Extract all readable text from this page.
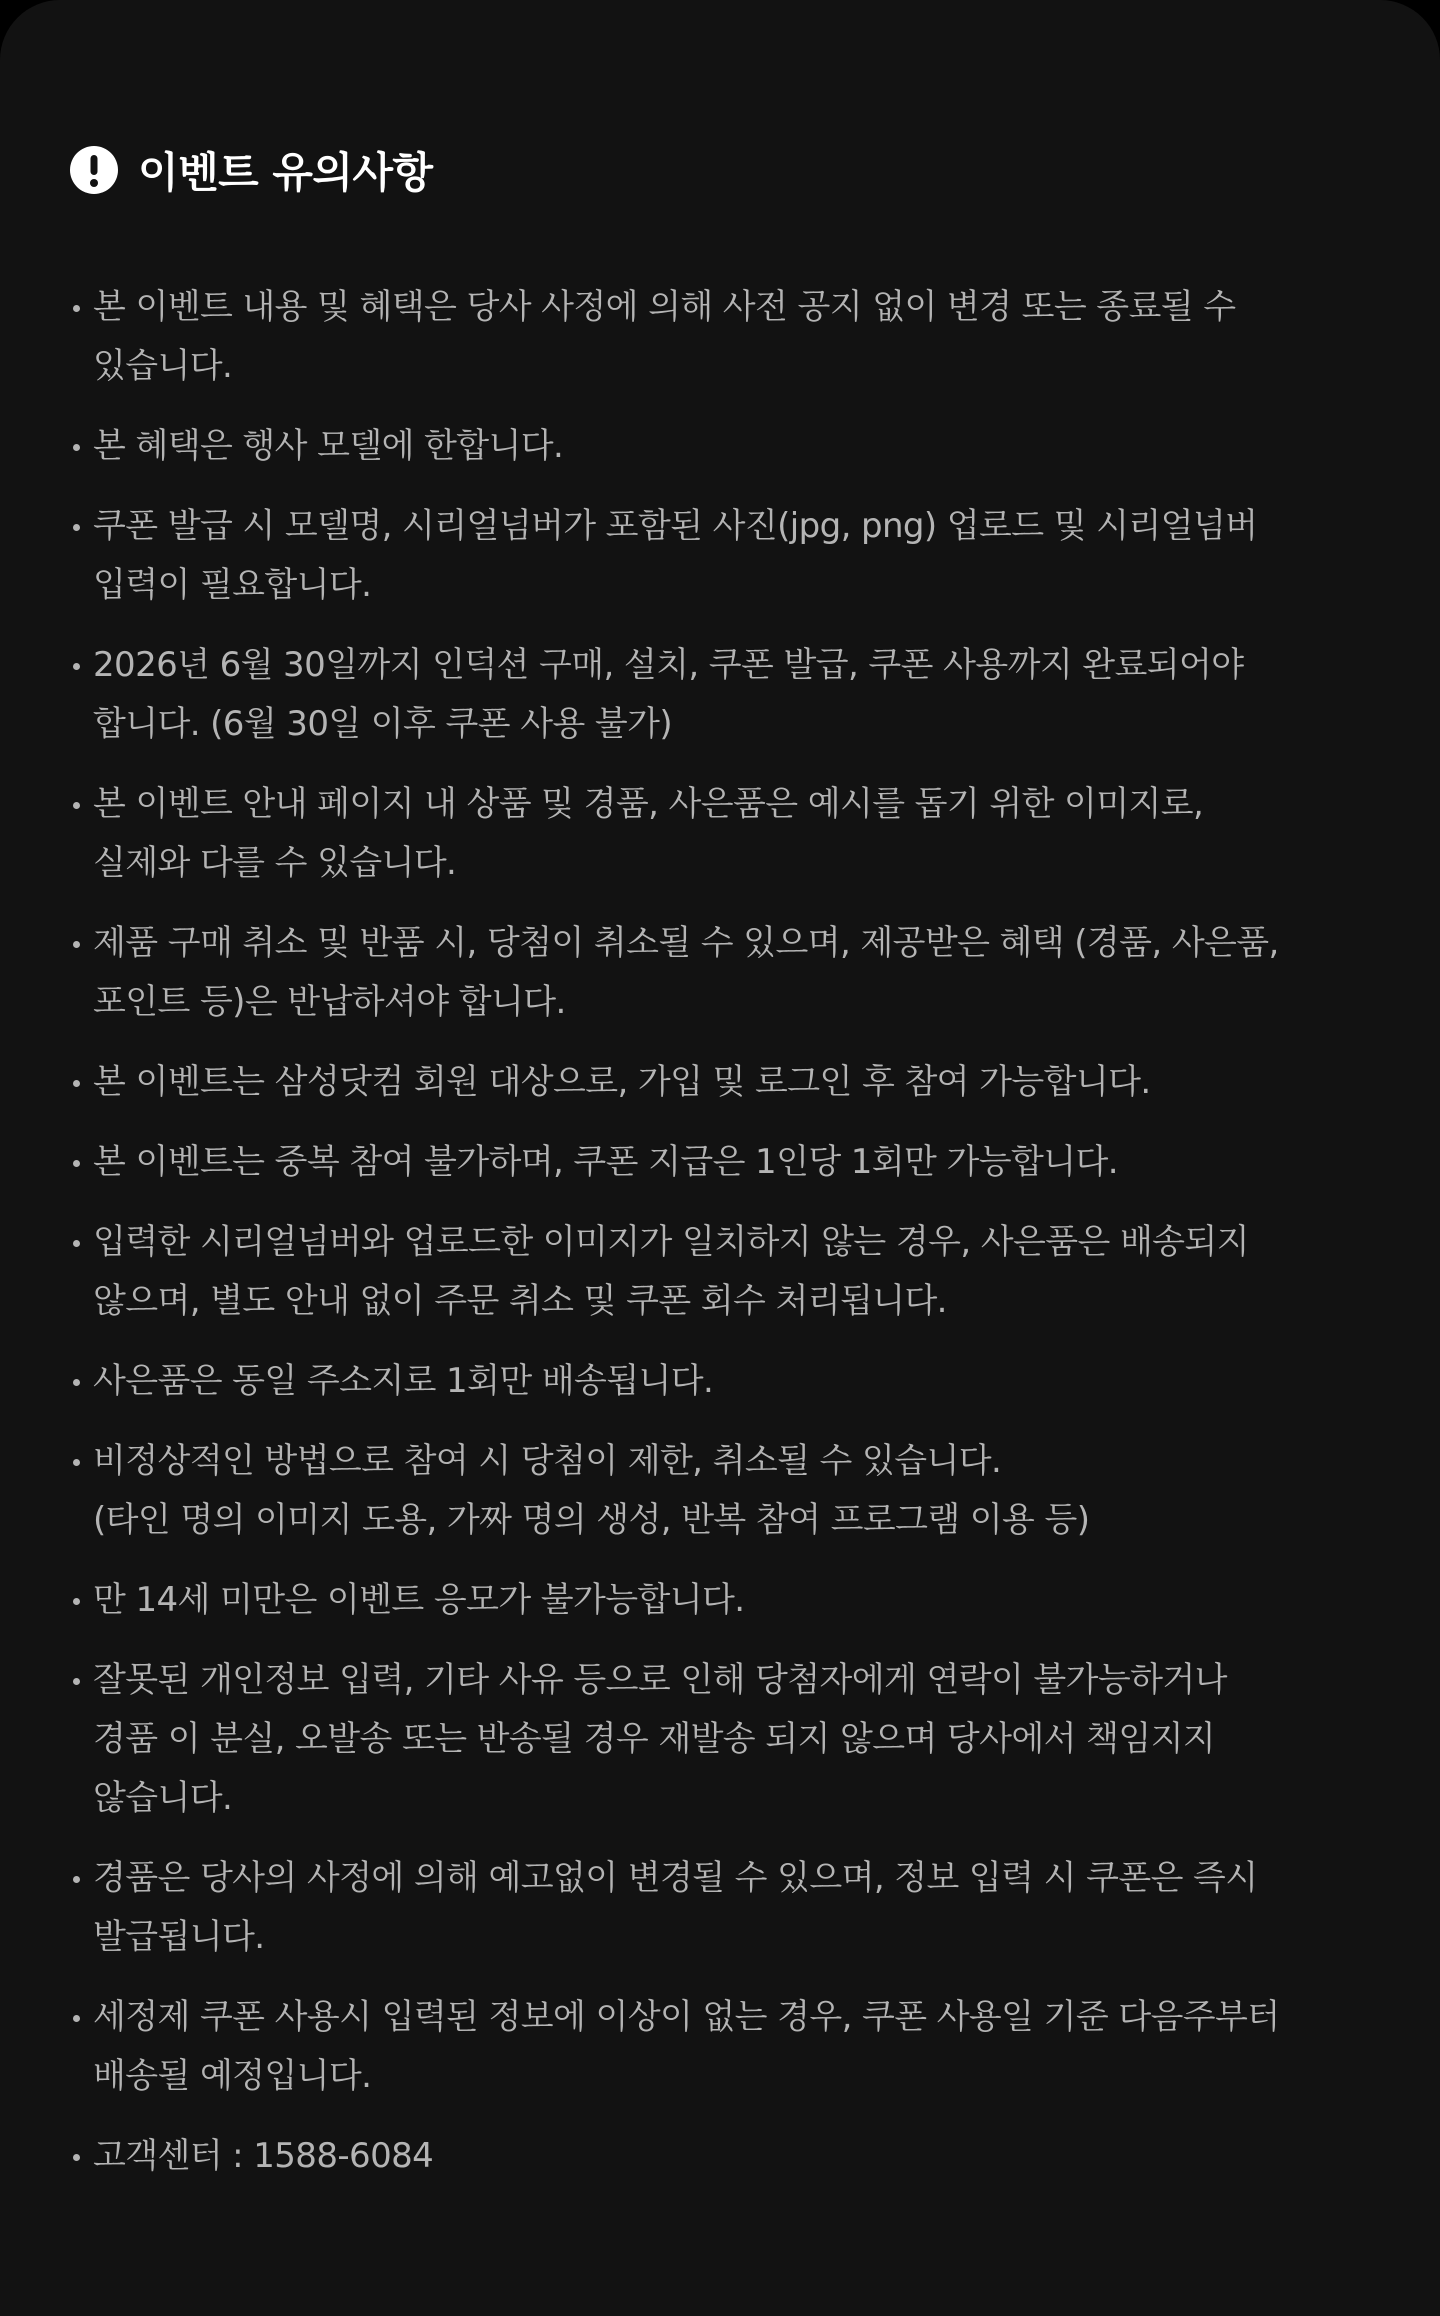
이벤트 유의사항
본 이벤트 내용 및 혜택은 당사 사정에 의해 사전 공지 없이 변경 또는 종료될 수
있습니다.
본 혜택은 행사 모델에 한합니다.
쿠폰 발급 시 모델명, 시리얼넘버가 포함된 사진(jpg, png) 업로드 및 시리얼넘버
입력이 필요합니다.
2026년 6월 30일까지 인덕션 구매, 설치, 쿠폰 발급, 쿠폰 사용까지 완료되어야
합니다. (6월 30일 이후 쿠폰 사용 불가)
본 이벤트 안내 페이지 내 상품 및 경품, 사은품은 예시를 돕기 위한 이미지로,
실제와 다를 수 있습니다.
제품 구매 취소 및 반품 시, 당첨이 취소될 수 있으며, 제공받은 혜택 (경품, 사은품,
포인트 등)은 반납하셔야 합니다.
본 이벤트는 삼성닷컴 회원 대상으로, 가입 및 로그인 후 참여 가능합니다.
본 이벤트는 중복 참여 불가하며, 쿠폰 지급은 1인당 1회만 가능합니다.
입력한 시리얼넘버와 업로드한 이미지가 일치하지 않는 경우, 사은품은 배송되지
않으며, 별도 안내 없이 주문 취소 및 쿠폰 회수 처리됩니다.
사은품은 동일 주소지로 1회만 배송됩니다.
비정상적인 방법으로 참여 시 당첨이 제한, 취소될 수 있습니다.
(타인 명의 이미지 도용, 가짜 명의 생성, 반복 참여 프로그램 이용 등)
만 14세 미만은 이벤트 응모가 불가능합니다.
잘못된 개인정보 입력, 기타 사유 등으로 인해 당첨자에게 연락이 불가능하거나
경품 이 분실, 오발송 또는 반송될 경우 재발송 되지 않으며 당사에서 책임지지
않습니다.
경품은 당사의 사정에 의해 예고없이 변경될 수 있으며, 정보 입력 시 쿠폰은 즉시
발급됩니다.
세정제 쿠폰 사용시 입력된 정보에 이상이 없는 경우, 쿠폰 사용일 기준 다음주부터
배송될 예정입니다.
고객센터 : 1588-6084
